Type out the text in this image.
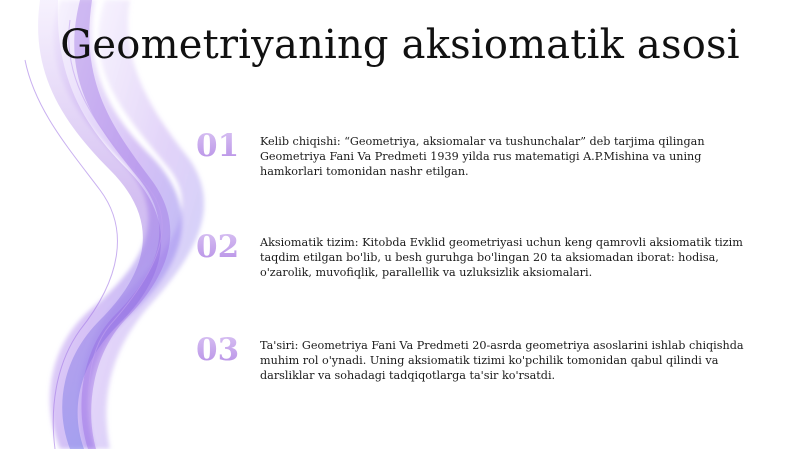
Geometriyaning aksiomatik asosi
01	Kelib chiqishi: “Geometriya, aksiomalar va tushunchalar” deb tarjima qilingan Geometriya Fani Va Predmeti 1939 yilda rus matematigi A.P.Mishina va uning hamkorlari tomonidan nashr etilgan.
02	Aksiomatik tizim: Kitobda Evklid geometriyasi uchun keng qamrovli aksiomatik tizim taqdim etilgan bo'lib, u besh guruhga bo'lingan 20 ta aksiomadan iborat: hodisa, o'zarolik, muvofiqlik, parallellik va uzluksizlik aksiomalari.
03	Ta'siri: Geometriya Fani Va Predmeti 20-asrda geometriya asoslarini ishlab chiqishda muhim rol o'ynadi. Uning aksiomatik tizimi ko'pchilik tomonidan qabul qilindi va darsliklar va sohadagi tadqiqotlarga ta'sir ko'rsatdi.
